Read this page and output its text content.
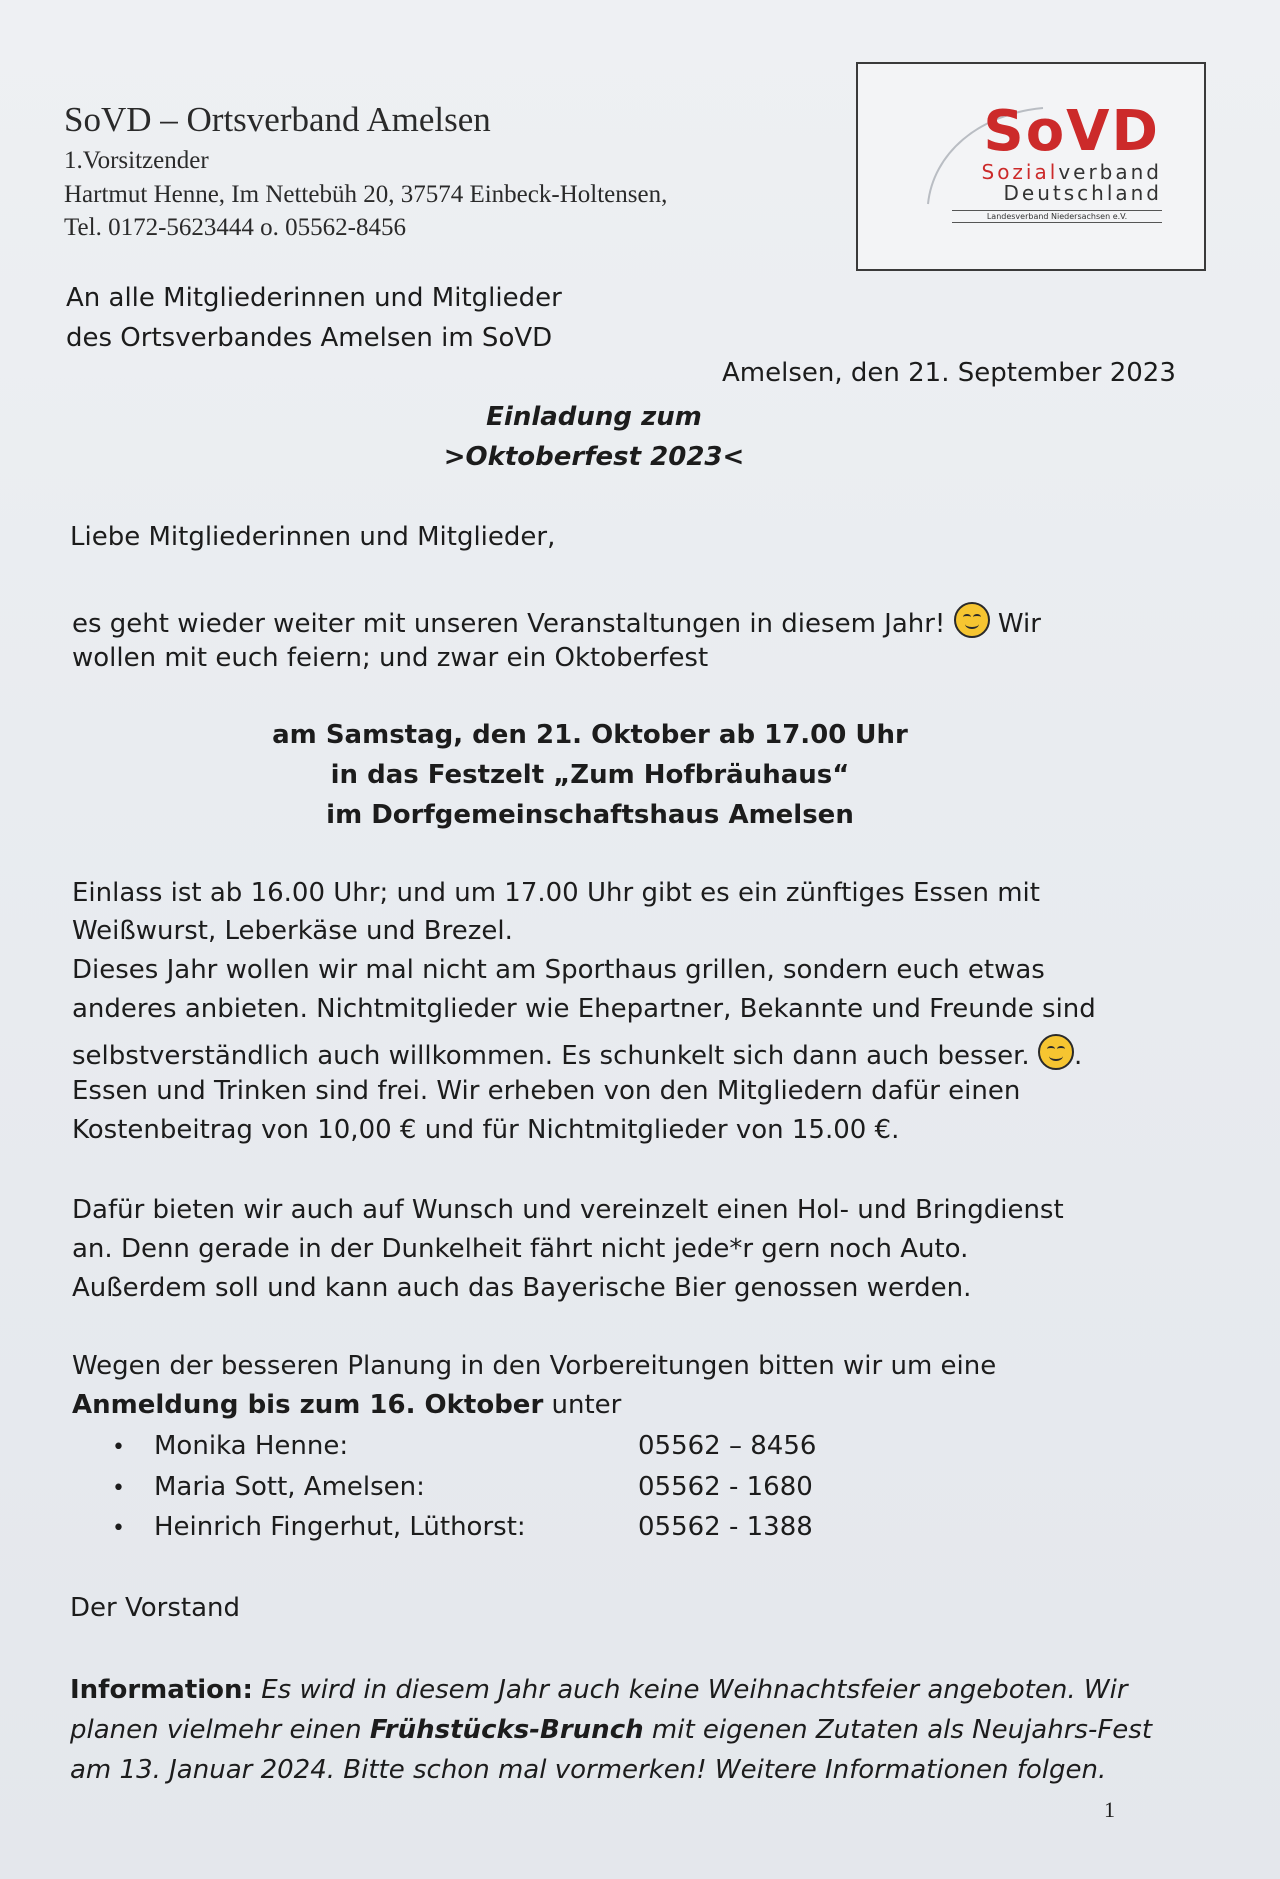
SoVD – Ortsverband Amelsen
1.Vorsitzender
Hartmut Henne, Im Nettebüh 20, 37574 Einbeck-Holtensen,
Tel. 0172-5623444 o. 05562-8456
SoVD
Sozialverband
Deutschland
Landesverband Niedersachsen e.V.
An alle Mitgliederinnen und Mitglieder
des Ortsverbandes Amelsen im SoVD
Amelsen, den 21. September 2023
Einladung zum
>Oktoberfest 2023<
Liebe Mitgliederinnen und Mitglieder,
es geht wieder weiter mit unseren Veranstaltungen in diesem Jahr! Wir
wollen mit euch feiern; und zwar ein Oktoberfest
am Samstag, den 21. Oktober ab 17.00 Uhr
in das Festzelt „Zum Hofbräuhaus“
im Dorfgemeinschaftshaus Amelsen
Einlass ist ab 16.00 Uhr; und um 17.00 Uhr gibt es ein zünftiges Essen mit
Weißwurst, Leberkäse und Brezel.
Dieses Jahr wollen wir mal nicht am Sporthaus grillen, sondern euch etwas
anderes anbieten. Nichtmitglieder wie Ehepartner, Bekannte und Freunde sind
selbstverständlich auch willkommen. Es schunkelt sich dann auch besser. .
Essen und Trinken sind frei. Wir erheben von den Mitgliedern dafür einen
Kostenbeitrag von 10,00 € und für Nichtmitglieder von 15.00 €.
Dafür bieten wir auch auf Wunsch und vereinzelt einen Hol- und Bringdienst
an. Denn gerade in der Dunkelheit fährt nicht jede*r gern noch Auto.
Außerdem soll und kann auch das Bayerische Bier genossen werden.
Wegen der besseren Planung in den Vorbereitungen bitten wir um eine
Anmeldung bis zum 16. Oktober unter
• Monika Henne:	05562 – 8456
• Maria Sott, Amelsen:	05562 - 1680
• Heinrich Fingerhut, Lüthorst:	05562 - 1388
Der Vorstand
Information: Es wird in diesem Jahr auch keine Weihnachtsfeier angeboten. Wir
planen vielmehr einen Frühstücks-Brunch mit eigenen Zutaten als Neujahrs-Fest
am 13. Januar 2024. Bitte schon mal vormerken! Weitere Informationen folgen.
1
